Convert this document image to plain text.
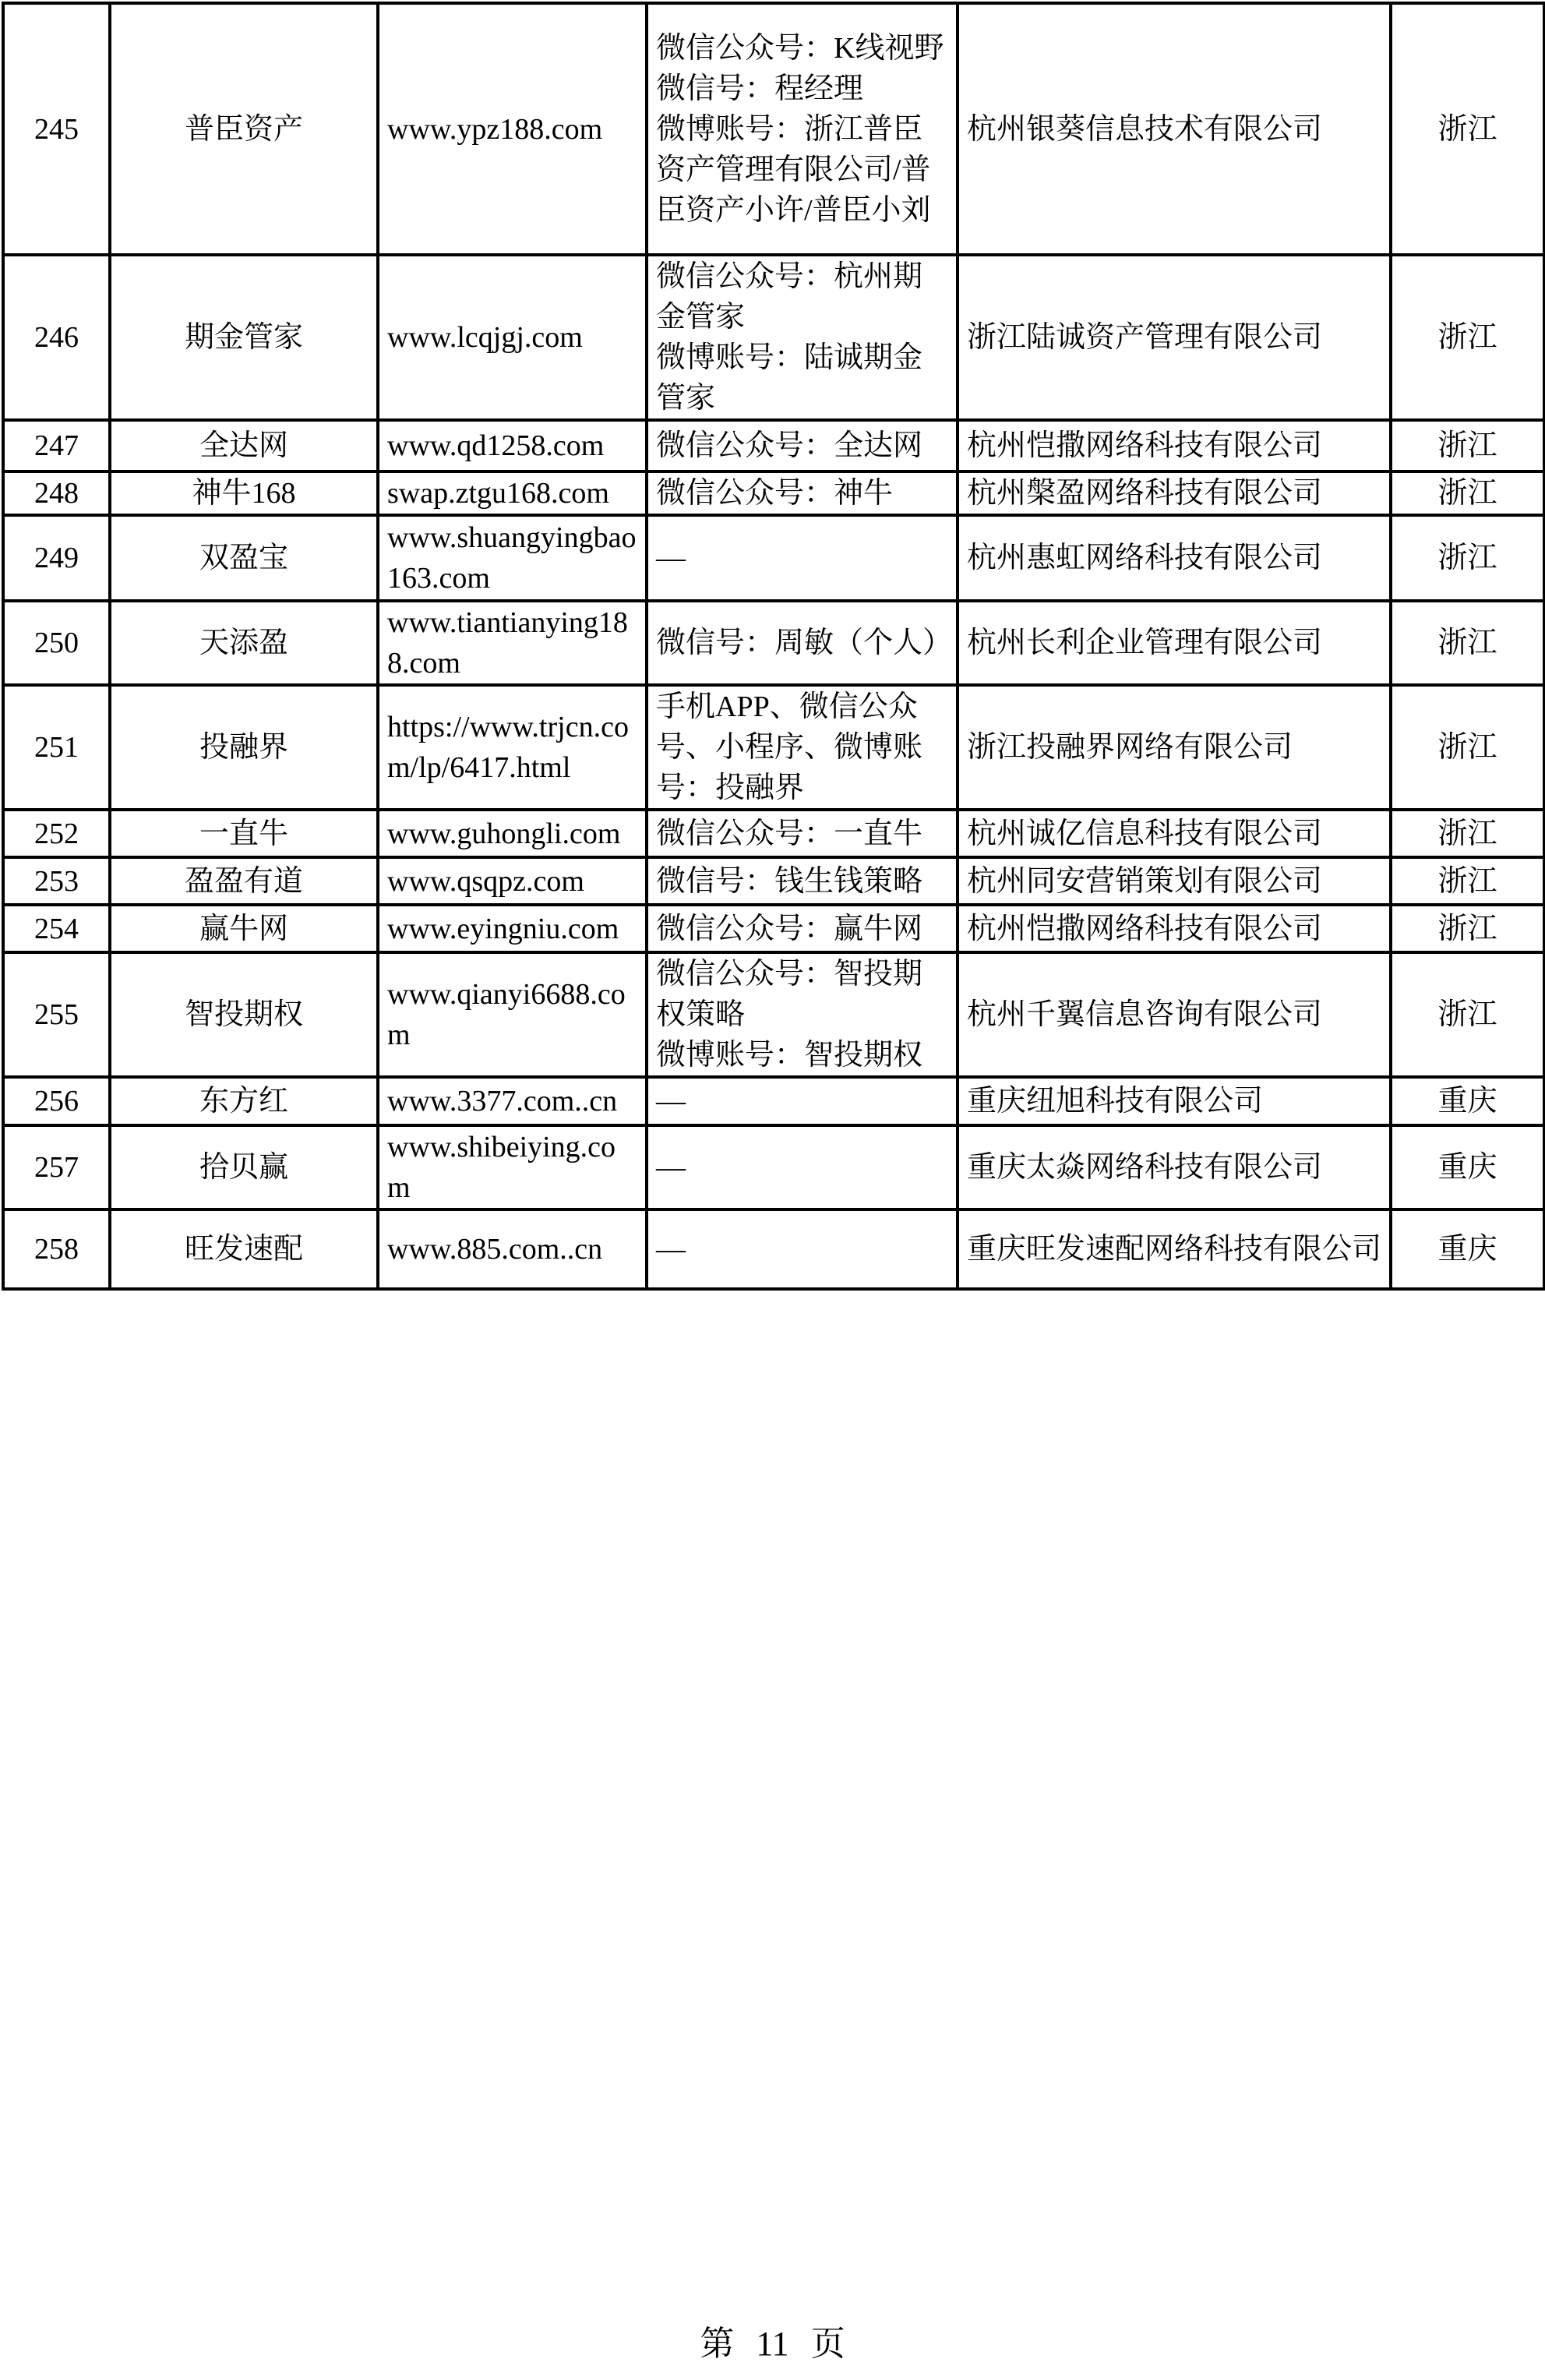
245	普臣资产	www.ypz188.com	微信公众号：K线视野
微信号：程经理
微博账号：浙江普臣资产管理有限公司/普臣资产小许/普臣小刘	杭州银葵信息技术有限公司	浙江
246	期金管家	www.lcqjgj.com	微信公众号：杭州期金管家
微博账号：陆诚期金管家	浙江陆诚资产管理有限公司	浙江
247	全达网	www.qd1258.com	微信公众号：全达网	杭州恺撒网络科技有限公司	浙江
248	神牛168	swap.ztgu168.com	微信公众号：神牛	杭州槃盈网络科技有限公司	浙江
249	双盈宝	www.shuangyingbao163.com	—	杭州惠虹网络科技有限公司	浙江
250	天添盈	www.tiantianying188.com	微信号：周敏（个人）	杭州长利企业管理有限公司	浙江
251	投融界	https://www.trjcn.com/lp/6417.html	手机APP、微信公众号、小程序、微博账号：投融界	浙江投融界网络有限公司	浙江
252	一直牛	www.guhongli.com	微信公众号：一直牛	杭州诚亿信息科技有限公司	浙江
253	盈盈有道	www.qsqpz.com	微信号：钱生钱策略	杭州同安营销策划有限公司	浙江
254	赢牛网	www.eyingniu.com	微信公众号：赢牛网	杭州恺撒网络科技有限公司	浙江
255	智投期权	www.qianyi6688.com	微信公众号：智投期权策略
微博账号：智投期权	杭州千翼信息咨询有限公司	浙江
256	东方红	www.3377.com..cn	—	重庆纽旭科技有限公司	重庆
257	拾贝赢	www.shibeiying.com	—	重庆太焱网络科技有限公司	重庆
258	旺发速配	www.885.com..cn	—	重庆旺发速配网络科技有限公司	重庆
第 11 页
